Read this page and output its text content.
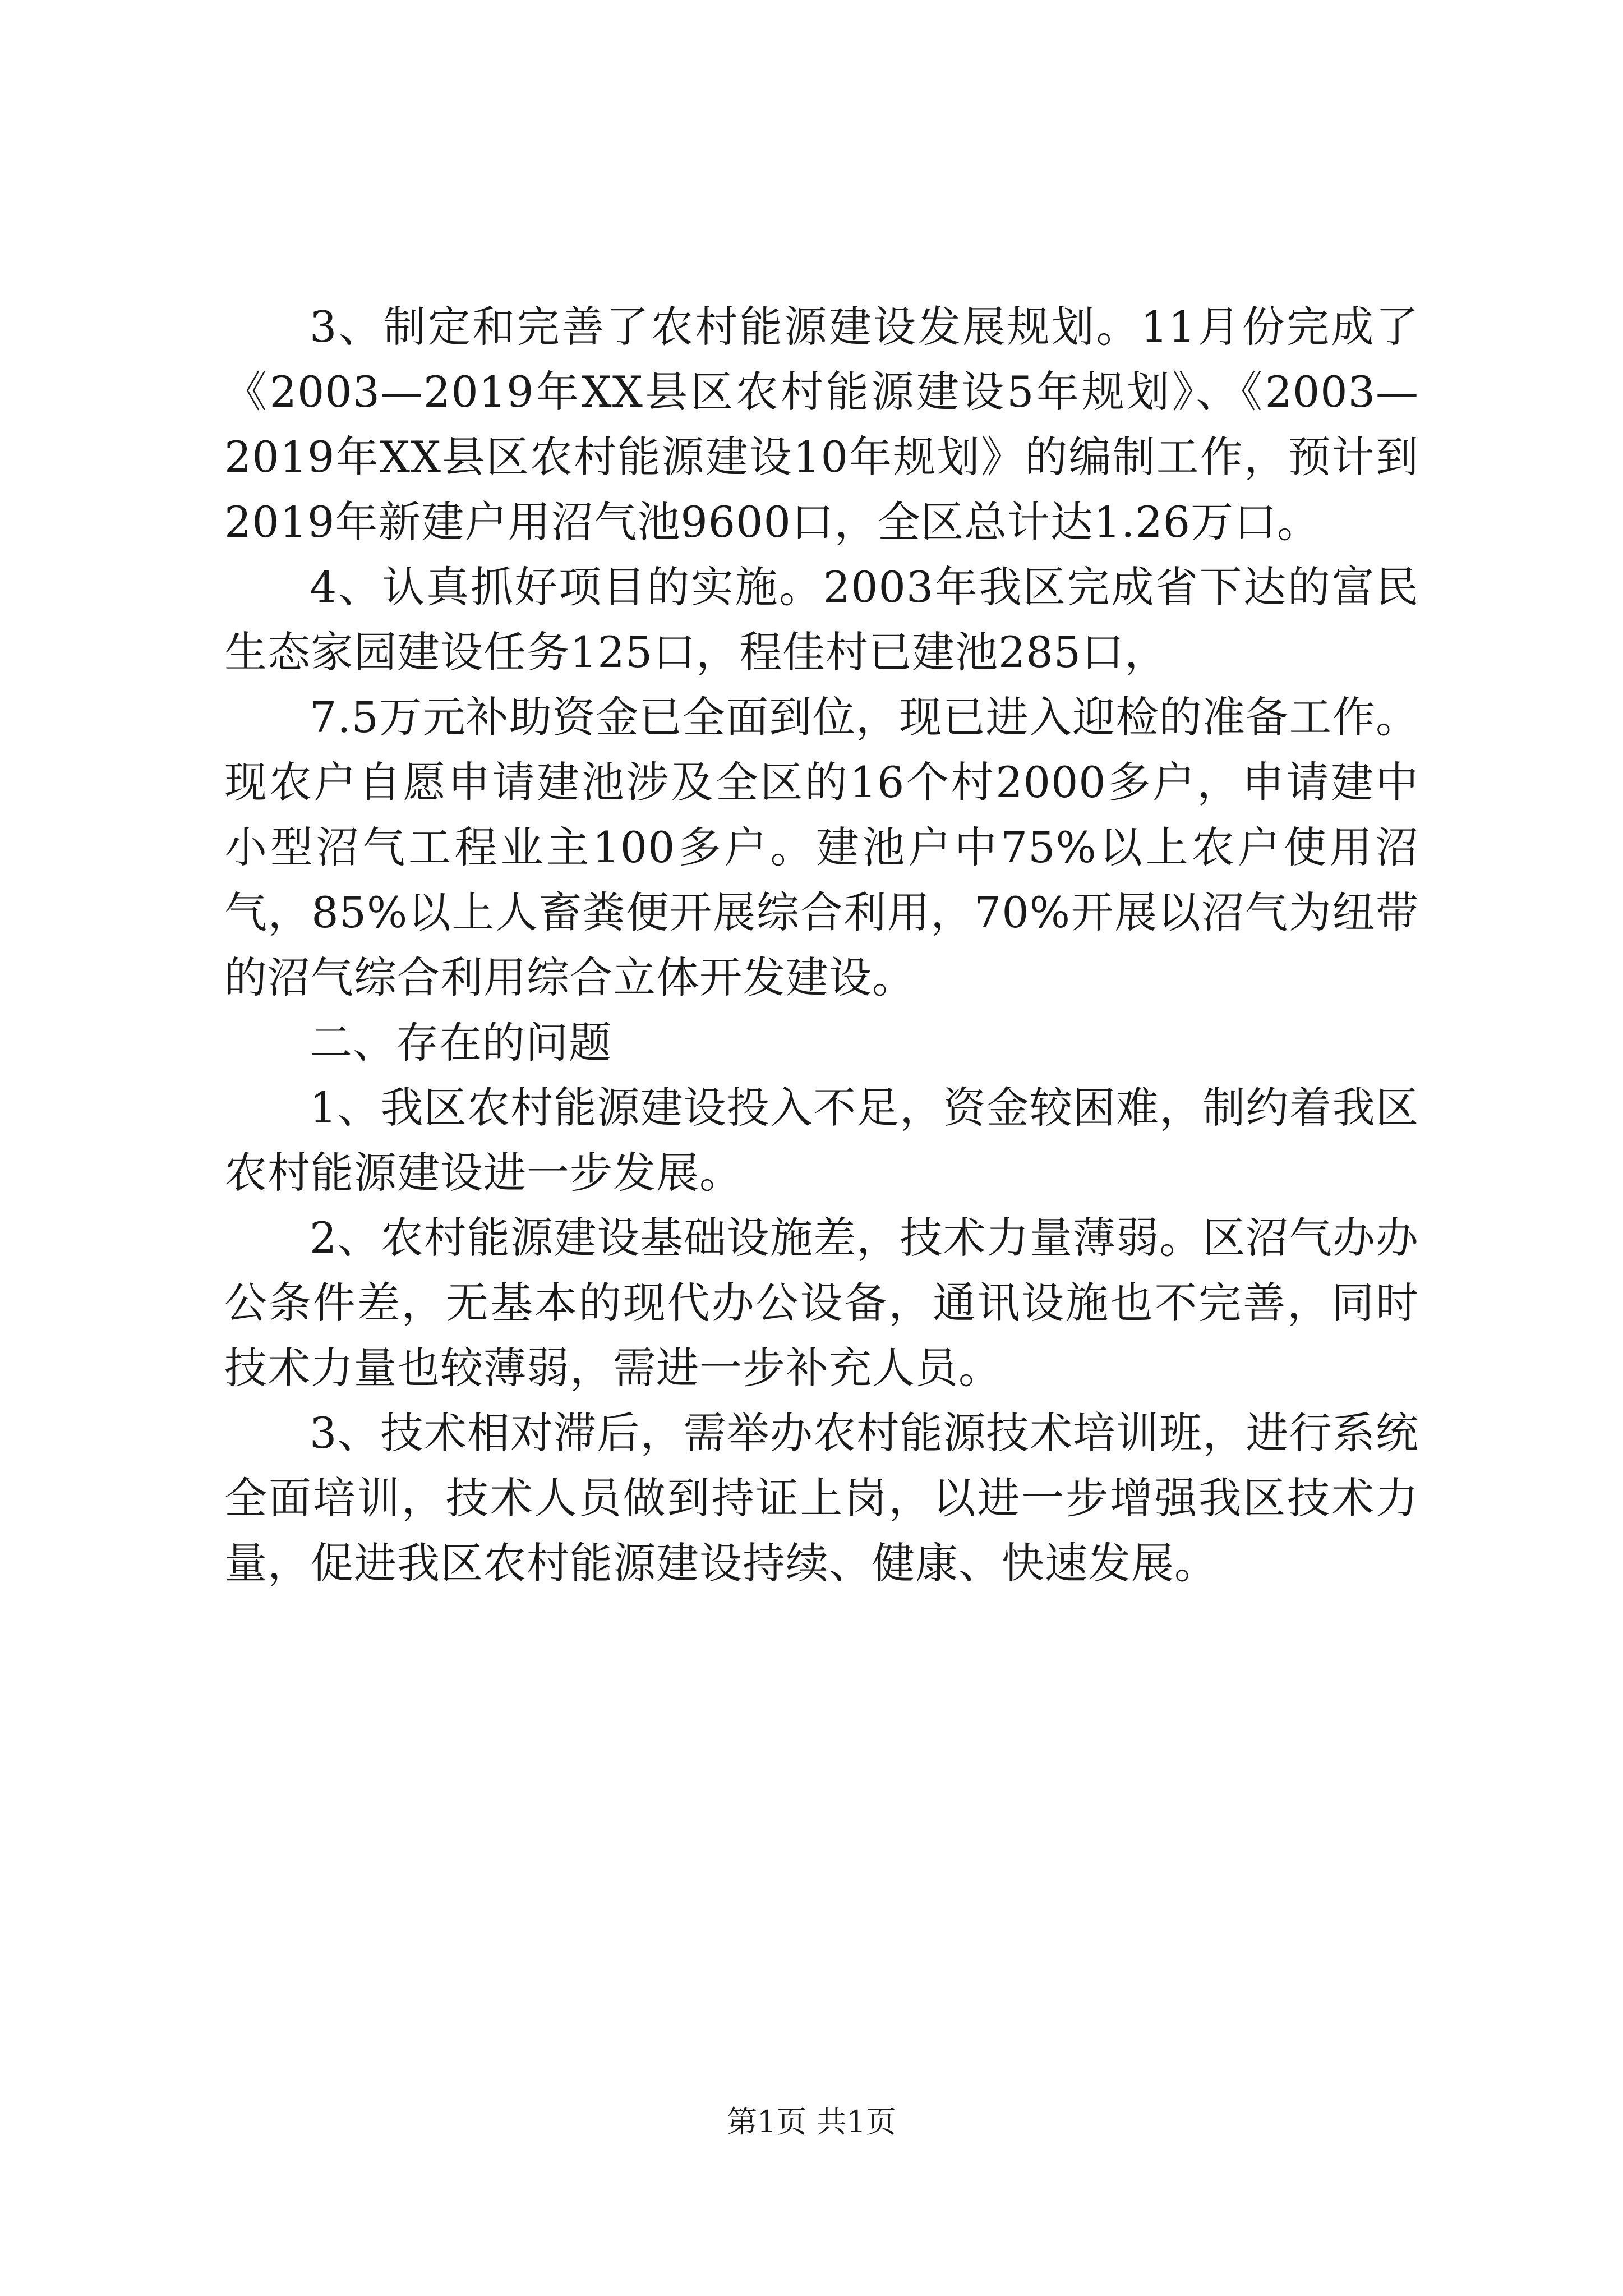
3、制定和完善了农村能源建设发展规划。11月份完成了《2003—2019年XX县区农村能源建设5年规划》、《2003—2019年XX县区农村能源建设10年规划》的编制工作，预计到2019年新建户用沼气池9600口，全区总计达1.26万口。

4、认真抓好项目的实施。2003年我区完成省下达的富民生态家园建设任务125口，程佳村已建池285口，

7.5万元补助资金已全面到位，现已进入迎检的准备工作。现农户自愿申请建池涉及全区的16个村2000多户，申请建中小型沼气工程业主100多户。建池户中75%以上农户使用沼气，85%以上人畜粪便开展综合利用，70%开展以沼气为纽带的沼气综合利用综合立体开发建设。

二、存在的问题

1、我区农村能源建设投入不足，资金较困难，制约着我区农村能源建设进一步发展。

2、农村能源建设基础设施差，技术力量薄弱。区沼气办办公条件差，无基本的现代办公设备，通讯设施也不完善，同时技术力量也较薄弱，需进一步补充人员。

3、技术相对滞后，需举办农村能源技术培训班，进行系统全面培训，技术人员做到持证上岗，以进一步增强我区技术力量，促进我区农村能源建设持续、健康、快速发展。

第1页 共1页
